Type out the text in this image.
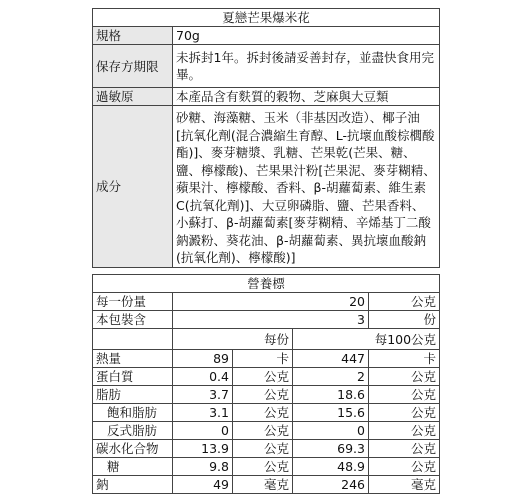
夏戀芒果爆米花	
規格	70g
保存方期限	未拆封1年。拆封後請妥善封存，並盡快食用完畢。
過敏原	本產品含有麩質的穀物、芝麻與大豆類
成分	砂糖、海藻糖、玉米（非基因改造）、椰子油[抗氧化劑(混合濃縮生育醇、L-抗壞血酸棕櫚酸酯)]、麥芽糖漿、乳糖、芒果乾(芒果、糖、鹽、檸檬酸)、芒果果汁粉[芒果泥、麥芽糊精、蘋果汁、檸檬酸、香料、β-胡蘿蔔素、維生素C(抗氧化劑)]、大豆卵磷脂、鹽、芒果香料、小蘇打、β-胡蘿蔔素[麥芽糊精、辛烯基丁二酸鈉澱粉、葵花油、β-胡蘿蔔素、異抗壞血酸鈉 (抗氧化劑)、檸檬酸)]
營養標				
每一份量	20			公克
本包裝含	3			份
	每份		每100公克	
熱量	89	卡	447	卡
蛋白質	0.4	公克	2	公克
脂肪	3.7	公克	18.6	公克
飽和脂肪	3.1	公克	15.6	公克
反式脂肪	0	公克	0	公克
碳水化合物	13.9	公克	69.3	公克
糖	9.8	公克	48.9	公克
鈉	49	毫克	246	毫克
